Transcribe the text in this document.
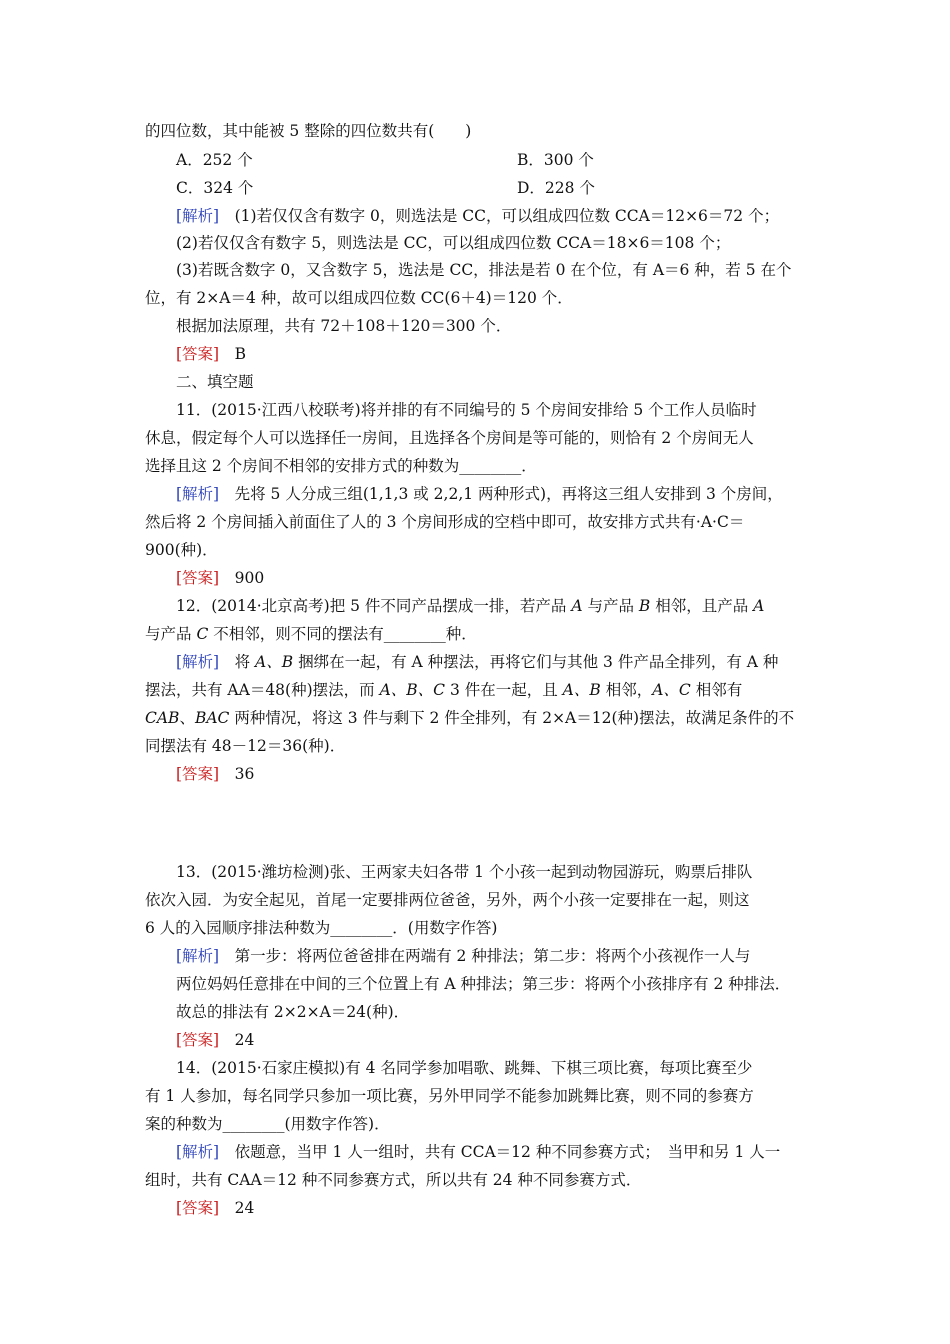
的四位数，其中能被 5 整除的四位数共有(　　)
A．252 个	B．300 个
C．324 个	D．228 个
[解析]　(1)若仅仅含有数字 0，则选法是 CC，可以组成四位数 CCA＝12×6＝72 个；
(2)若仅仅含有数字 5，则选法是 CC，可以组成四位数 CCA＝18×6＝108 个；
(3)若既含数字 0，又含数字 5，选法是 CC，排法是若 0 在个位，有 A＝6 种，若 5 在个
位，有 2×A＝4 种，故可以组成四位数 CC(6＋4)＝120 个．
根据加法原理，共有 72＋108＋120＝300 个．
[答案]　 B
二、填空题
11．(2015·江西八校联考)将并排的有不同编号的 5 个房间安排给 5 个工作人员临时
休息，假定每个人可以选择任一房间，且选择各个房间是等可能的，则恰有 2 个房间无人
选择且这 2 个房间不相邻的安排方式的种数为________．
[解析]　先将 5 人分成三组(1,1,3 或 2,2,1 两种形式)，再将这三组人安排到 3 个房间，
然后将 2 个房间插入前面住了人的 3 个房间形成的空档中即可，故安排方式共有·A·C＝
900(种)．
[答案]　 900
12．(2014·北京高考)把 5 件不同产品摆成一排，若产品 A 与产品 B 相邻，且产品 A
与产品 C 不相邻，则不同的摆法有________种．
[解析]　将 A、B 捆绑在一起，有 A 种摆法，再将它们与其他 3 件产品全排列，有 A 种
摆法，共有 AA＝48(种)摆法，而 A、B、C 3 件在一起，且 A、B 相邻，A、C 相邻有
CAB、BAC 两种情况，将这 3 件与剩下 2 件全排列，有 2×A＝12(种)摆法，故满足条件的不
同摆法有 48－12＝36(种)．
[答案]　 36
13．(2015·潍坊检测)张、王两家夫妇各带 1 个小孩一起到动物园游玩，购票后排队
依次入园．为安全起见，首尾一定要排两位爸爸，另外，两个小孩一定要排在一起，则这
6 人的入园顺序排法种数为________．(用数字作答)
[解析]　第一步：将两位爸爸排在两端有 2 种排法；第二步：将两个小孩视作一人与
两位妈妈任意排在中间的三个位置上有 A 种排法；第三步：将两个小孩排序有 2 种排法．
故总的排法有 2×2×A＝24(种)．
[答案]　 24
14．(2015·石家庄模拟)有 4 名同学参加唱歌、跳舞、下棋三项比赛，每项比赛至少
有 1 人参加，每名同学只参加一项比赛，另外甲同学不能参加跳舞比赛，则不同的参赛方
案的种数为________(用数字作答)．
[解析]　依题意，当甲 1 人一组时，共有 CCA＝12 种不同参赛方式；　当甲和另 1 人一
组时，共有 CAA＝12 种不同参赛方式，所以共有 24 种不同参赛方式．
[答案]　 24
